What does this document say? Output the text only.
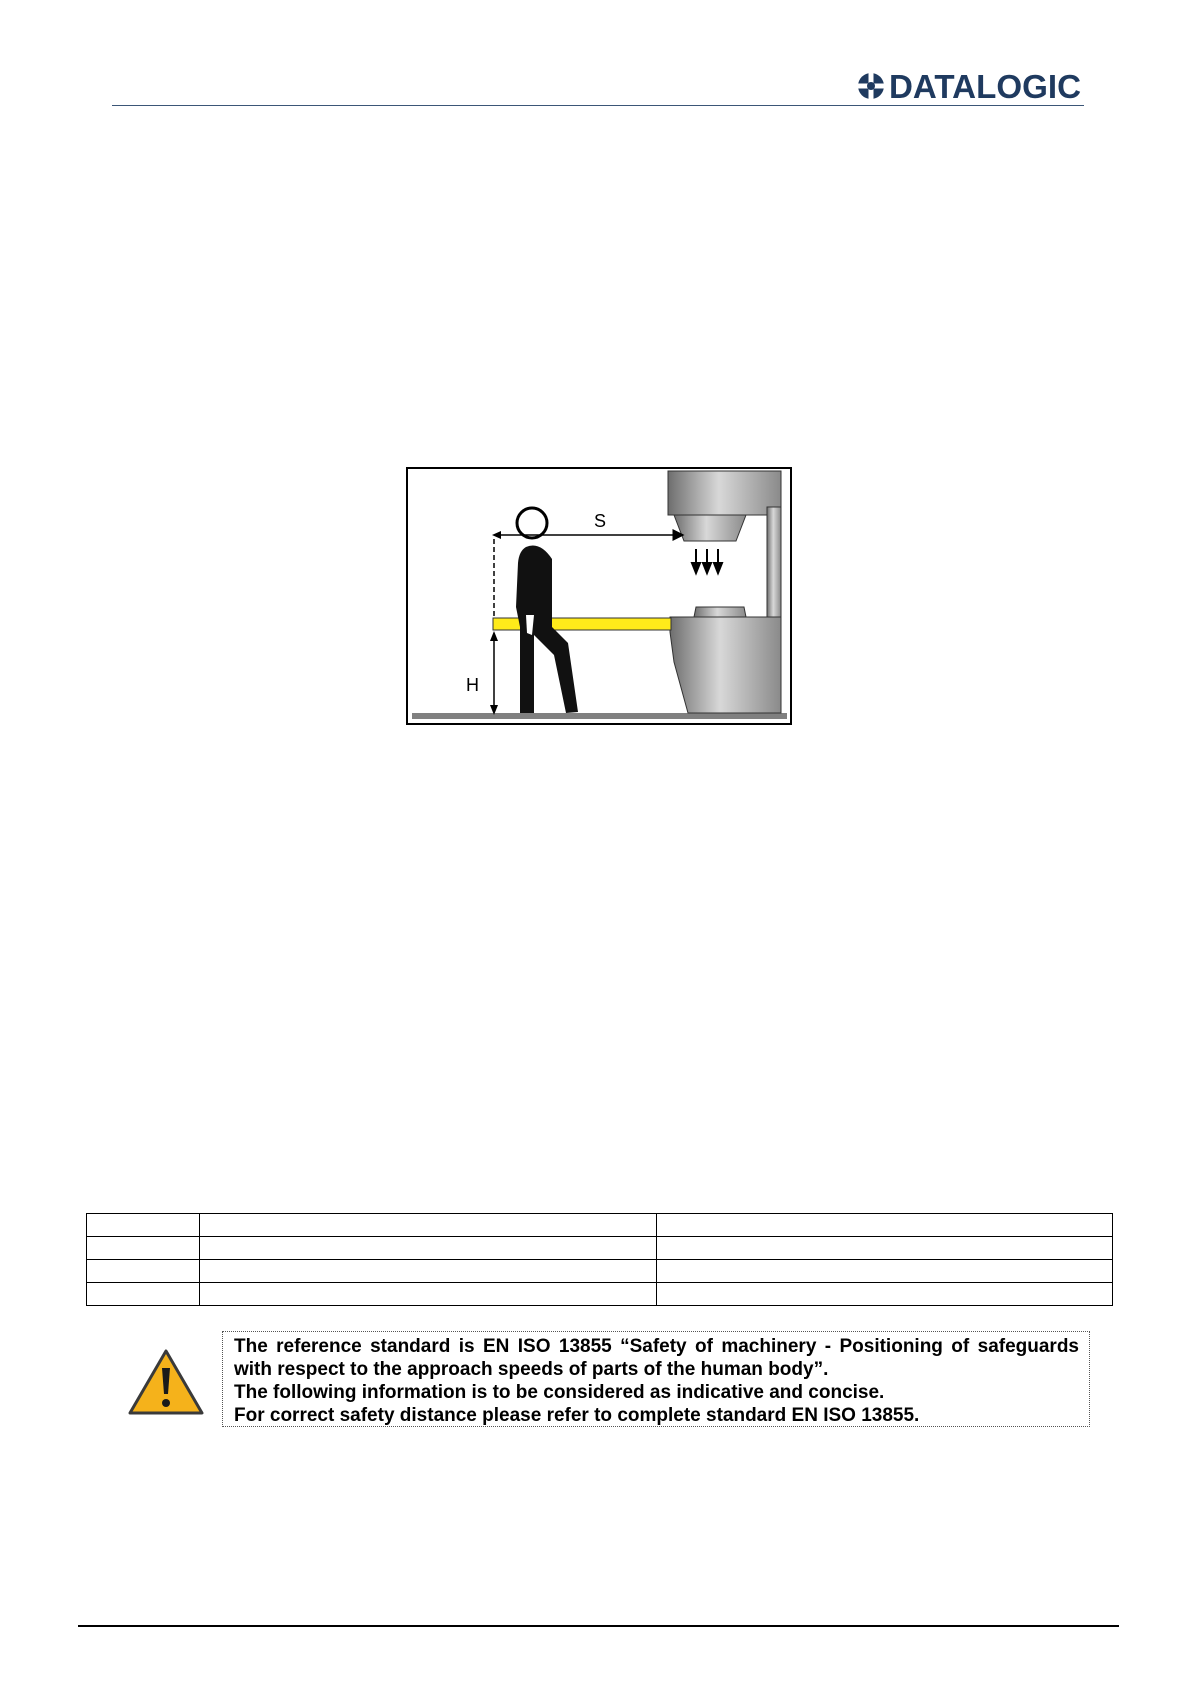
DATALOGIC
S
H

The reference standard is EN ISO 13855 “Safety of machinery - Positioning of safeguards with respect to the approach speeds of parts of the human body”.

The following information is to be considered as indicative and concise.

For correct safety distance please refer to complete standard EN ISO 13855.
